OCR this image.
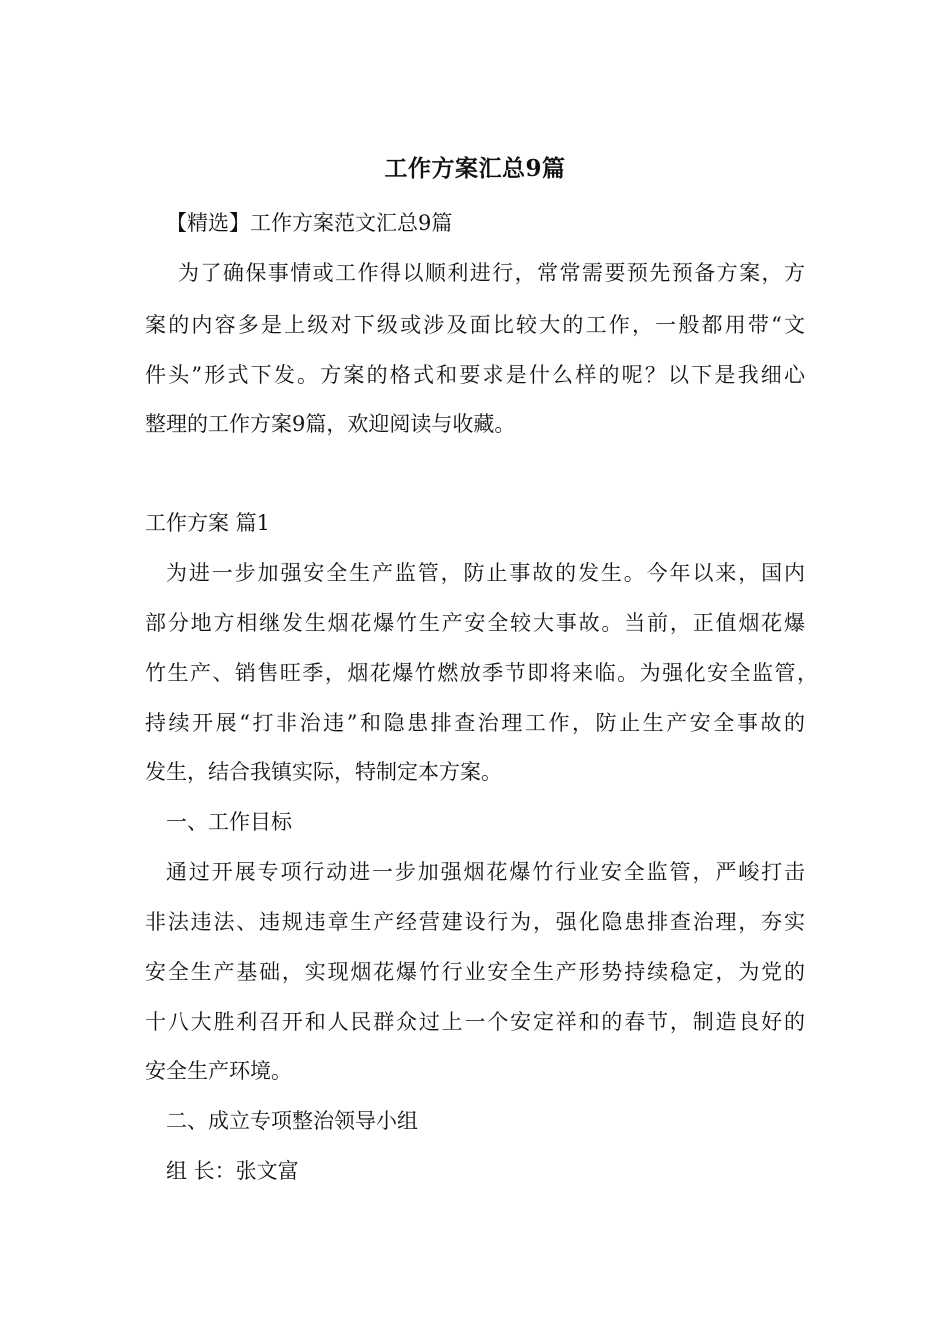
工作方案汇总9篇

【精选】工作方案范文汇总9篇

为了确保事情或工作得以顺利进行，常常需要预先预备方案，方

案的内容多是上级对下级或涉及面比较大的工作，一般都用带“文

件头”形式下发。方案的格式和要求是什么样的呢？以下是我细心

整理的工作方案9篇，欢迎阅读与收藏。

工作方案 篇1

为进一步加强安全生产监管，防止事故的发生。今年以来，国内

部分地方相继发生烟花爆竹生产安全较大事故。当前，正值烟花爆

竹生产、销售旺季，烟花爆竹燃放季节即将来临。为强化安全监管，

持续开展“打非治违”和隐患排查治理工作，防止生产安全事故的

发生，结合我镇实际，特制定本方案。

一、工作目标

通过开展专项行动进一步加强烟花爆竹行业安全监管，严峻打击

非法违法、违规违章生产经营建设行为，强化隐患排查治理，夯实

安全生产基础，实现烟花爆竹行业安全生产形势持续稳定，为党的

十八大胜利召开和人民群众过上一个安定祥和的春节，制造良好的

安全生产环境。

二、成立专项整治领导小组

组 长：张文富
